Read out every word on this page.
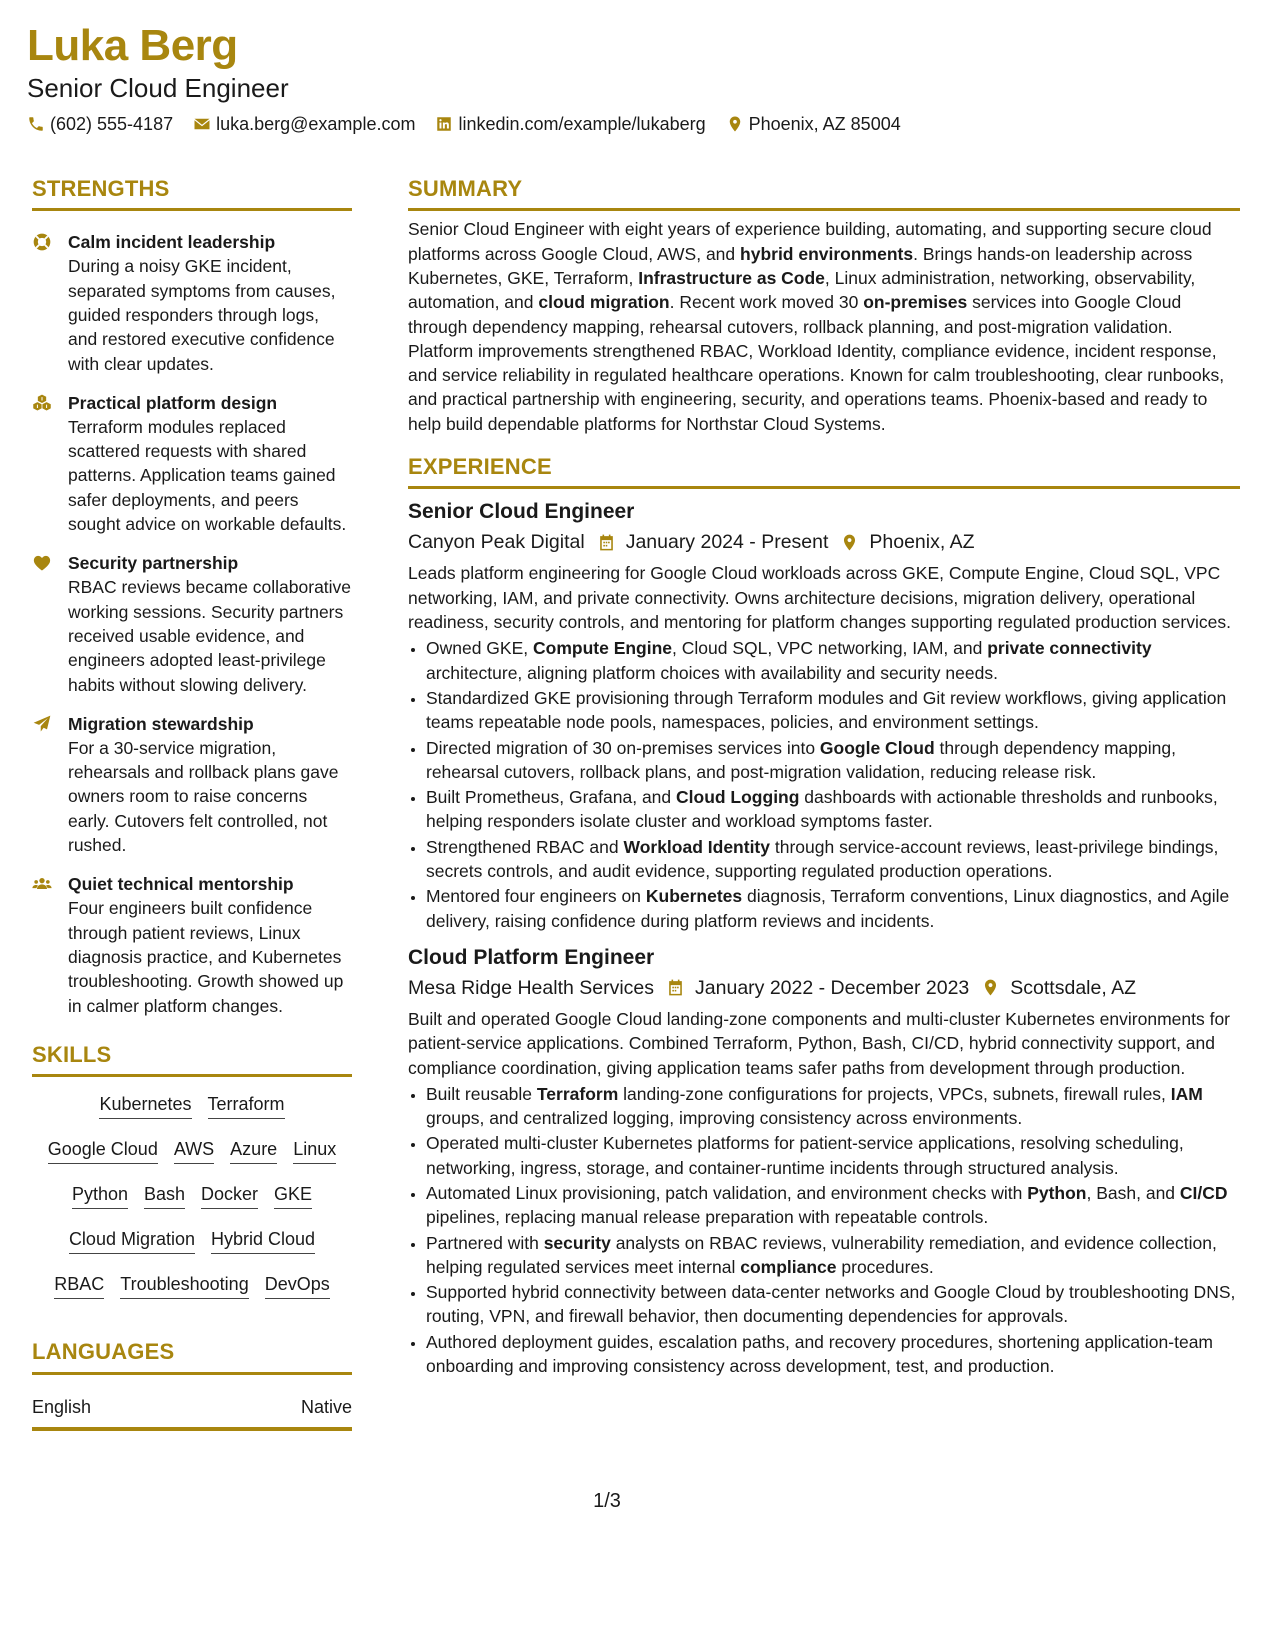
Luka Berg
Senior Cloud Engineer
(602) 555-4187 luka.berg@example.com linkedin.com/example/lukaberg Phoenix, AZ 85004
STRENGTHS
Calm incident leadership
During a noisy GKE incident, separated symptoms from causes, guided responders through logs, and restored executive confidence with clear updates.
Practical platform design
Terraform modules replaced scattered requests with shared patterns. Application teams gained safer deployments, and peers sought advice on workable defaults.
Security partnership
RBAC reviews became collaborative working sessions. Security partners received usable evidence, and engineers adopted least-privilege habits without slowing delivery.
Migration stewardship
For a 30-service migration, rehearsals and rollback plans gave owners room to raise concerns early. Cutovers felt controlled, not rushed.
Quiet technical mentorship
Four engineers built confidence through patient reviews, Linux diagnosis practice, and Kubernetes troubleshooting. Growth showed up in calmer platform changes.
SKILLS
Kubernetes Terraform
Google Cloud AWS Azure Linux
Python Bash Docker GKE
Cloud Migration Hybrid Cloud
RBAC Troubleshooting DevOps
LANGUAGES
English	Native
SUMMARY

Senior Cloud Engineer with eight years of experience building, automating, and supporting secure cloud platforms across Google Cloud, AWS, and hybrid environments. Brings hands-on leadership across Kubernetes, GKE, Terraform, Infrastructure as Code, Linux administration, networking, observability, automation, and cloud migration. Recent work moved 30 on-premises services into Google Cloud through dependency mapping, rehearsal cutovers, rollback planning, and post-migration validation. Platform improvements strengthened RBAC, Workload Identity, compliance evidence, incident response, and service reliability in regulated healthcare operations. Known for calm troubleshooting, clear runbooks, and practical partnership with engineering, security, and operations teams. Phoenix-based and ready to help build dependable platforms for Northstar Cloud Systems.

EXPERIENCE
Senior Cloud Engineer
Canyon Peak Digital January 2024 - Present Phoenix, AZ

Leads platform engineering for Google Cloud workloads across GKE, Compute Engine, Cloud SQL, VPC networking, IAM, and private connectivity. Owns architecture decisions, migration delivery, operational readiness, security controls, and mentoring for platform changes supporting regulated production services.

• Owned GKE, Compute Engine, Cloud SQL, VPC networking, IAM, and private connectivity architecture, aligning platform choices with availability and security needs.
• Standardized GKE provisioning through Terraform modules and Git review workflows, giving application teams repeatable node pools, namespaces, policies, and environment settings.
• Directed migration of 30 on-premises services into Google Cloud through dependency mapping, rehearsal cutovers, rollback plans, and post-migration validation, reducing release risk.
• Built Prometheus, Grafana, and Cloud Logging dashboards with actionable thresholds and runbooks, helping responders isolate cluster and workload symptoms faster.
• Strengthened RBAC and Workload Identity through service-account reviews, least-privilege bindings, secrets controls, and audit evidence, supporting regulated production operations.
• Mentored four engineers on Kubernetes diagnosis, Terraform conventions, Linux diagnostics, and Agile delivery, raising confidence during platform reviews and incidents.
Cloud Platform Engineer
Mesa Ridge Health Services January 2022 - December 2023 Scottsdale, AZ

Built and operated Google Cloud landing-zone components and multi-cluster Kubernetes environments for patient-service applications. Combined Terraform, Python, Bash, CI/CD, hybrid connectivity support, and compliance coordination, giving application teams safer paths from development through production.

• Built reusable Terraform landing-zone configurations for projects, VPCs, subnets, firewall rules, IAM groups, and centralized logging, improving consistency across environments.
• Operated multi-cluster Kubernetes platforms for patient-service applications, resolving scheduling, networking, ingress, storage, and container-runtime incidents through structured analysis.
• Automated Linux provisioning, patch validation, and environment checks with Python, Bash, and CI/CD pipelines, replacing manual release preparation with repeatable controls.
• Partnered with security analysts on RBAC reviews, vulnerability remediation, and evidence collection, helping regulated services meet internal compliance procedures.
• Supported hybrid connectivity between data-center networks and Google Cloud by troubleshooting DNS, routing, VPN, and firewall behavior, then documenting dependencies for approvals.
• Authored deployment guides, escalation paths, and recovery procedures, shortening application-team onboarding and improving consistency across development, test, and production.
1/3
